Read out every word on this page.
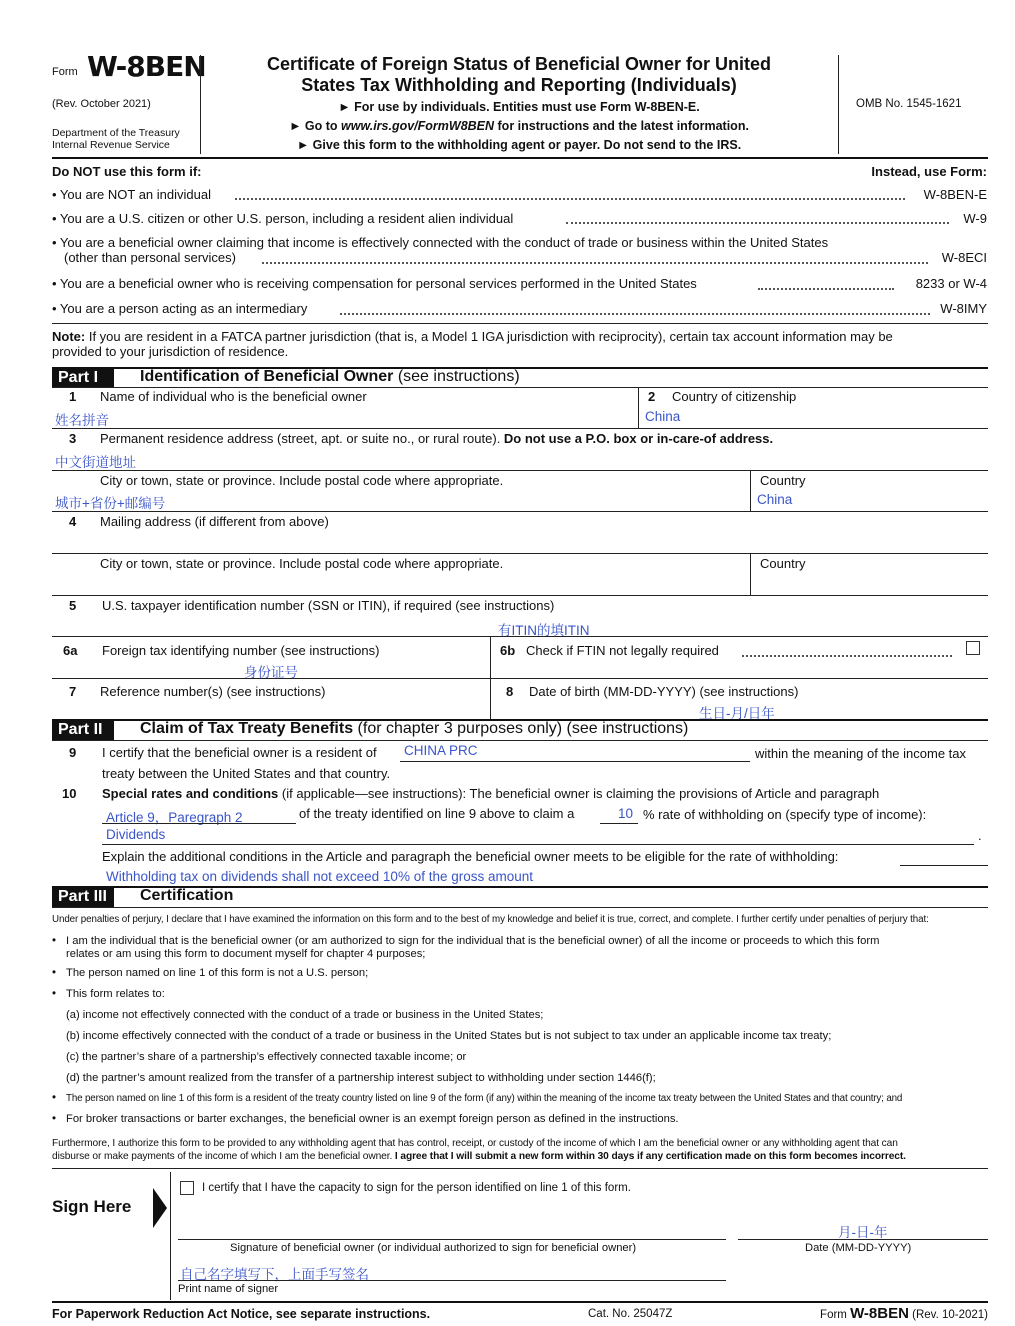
Form W-8BEN
(Rev. October 2021)
Department of the Treasury
Internal Revenue Service
Certificate of Foreign Status of Beneficial Owner for United
States Tax Withholding and Reporting (Individuals)
► For use by individuals. Entities must use Form W-8BEN-E.
► Go to www.irs.gov/FormW8BEN for instructions and the latest information.
► Give this form to the withholding agent or payer. Do not send to the IRS.
OMB No. 1545-1621
Do NOT use this form if:	Instead, use Form:
• You are NOT an individual	W-8BEN-E
• You are a U.S. citizen or other U.S. person, including a resident alien individual	W-9
• You are a beneficial owner claiming that income is effectively connected with the conduct of trade or business within the United States
(other than personal services)	W-8ECI
• You are a beneficial owner who is receiving compensation for personal services performed in the United States	8233 or W-4
• You are a person acting as an intermediary	W-8IMY
Note: If you are resident in a FATCA partner jurisdiction (that is, a Model 1 IGA jurisdiction with reciprocity), certain tax account information may be
provided to your jurisdiction of residence.
Part I	Identification of Beneficial Owner (see instructions)
1 Name of individual who is the beneficial owner
姓名拼音
2 Country of citizenship
China
3 Permanent residence address (street, apt. or suite no., or rural route). Do not use a P.O. box or in-care-of address.
中文街道地址
City or town, state or province. Include postal code where appropriate.
城市+省份+邮编号
Country
China
4 Mailing address (if different from above)
City or town, state or province. Include postal code where appropriate.	Country
5 U.S. taxpayer identification number (SSN or ITIN), if required (see instructions)
有ITIN的填ITIN
6a Foreign tax identifying number (see instructions)
身份证号
6b Check if FTIN not legally required
7 Reference number(s) (see instructions)	8 Date of birth (MM-DD-YYYY) (see instructions)
生日-月/日年
Part II	Claim of Tax Treaty Benefits (for chapter 3 purposes only) (see instructions)
9 I certify that the beneficial owner is a resident of CHINA PRC	within the meaning of the income tax
treaty between the United States and that country.
10 Special rates and conditions (if applicable—see instructions): The beneficial owner is claiming the provisions of Article and paragraph
Article 9，Paregraph 2	of the treaty identified on line 9 above to claim a	10 % rate of withholding on (specify type of income):
Dividends	.
Explain the additional conditions in the Article and paragraph the beneficial owner meets to be eligible for the rate of withholding:
Withholding tax on dividends shall not exceed 10% of the gross amount
Part III	Certification
Under penalties of perjury, I declare that I have examined the information on this form and to the best of my knowledge and belief it is true, correct, and complete. I further certify under penalties of perjury that:
• I am the individual that is the beneficial owner (or am authorized to sign for the individual that is the beneficial owner) of all the income or proceeds to which this form
relates or am using this form to document myself for chapter 4 purposes;
• The person named on line 1 of this form is not a U.S. person;
• This form relates to:
(a) income not effectively connected with the conduct of a trade or business in the United States;
(b) income effectively connected with the conduct of a trade or business in the United States but is not subject to tax under an applicable income tax treaty;
(c) the partner’s share of a partnership’s effectively connected taxable income; or
(d) the partner’s amount realized from the transfer of a partnership interest subject to withholding under section 1446(f);
• The person named on line 1 of this form is a resident of the treaty country listed on line 9 of the form (if any) within the meaning of the income tax treaty between the United States and that country; and
• For broker transactions or barter exchanges, the beneficial owner is an exempt foreign person as defined in the instructions.
Furthermore, I authorize this form to be provided to any withholding agent that has control, receipt, or custody of the income of which I am the beneficial owner or any withholding agent that can
disburse or make payments of the income of which I am the beneficial owner. I agree that I will submit a new form within 30 days if any certification made on this form becomes incorrect.
Sign Here
I certify that I have the capacity to sign for the person identified on line 1 of this form.
月-日-年
Signature of beneficial owner (or individual authorized to sign for beneficial owner)	Date (MM-DD-YYYY)
自己名字填写下，上面手写签名
Print name of signer
For Paperwork Reduction Act Notice, see separate instructions.	Cat. No. 25047Z	Form W-8BEN (Rev. 10-2021)
